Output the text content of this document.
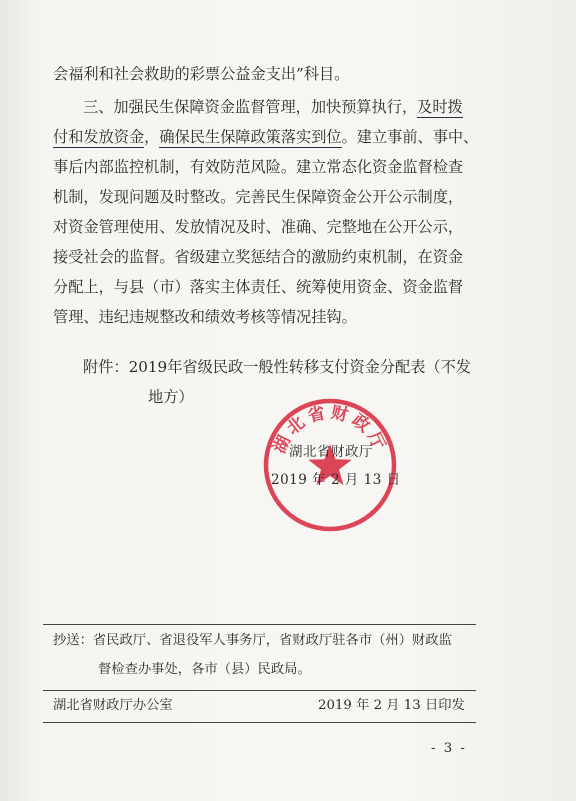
会福利和社会救助的彩票公益金支出”科目。

三、加强民生保障资金监督管理，加快预算执行，及时拨

付和发放资金，确保民生保障政策落实到位。建立事前、事中、

事后内部监控机制，有效防范风险。建立常态化资金监督检查

机制，发现问题及时整改。完善民生保障资金公开公示制度，

对资金管理使用、发放情况及时、准确、完整地在公开公示，

接受社会的监督。省级建立奖惩结合的激励约束机制，在资金

分配上，与县（市）落实主体责任、统筹使用资金、资金监督

管理、违纪违规整改和绩效考核等情况挂钩。

附件：2019年省级民政一般性转移支付资金分配表（不发

地方）

湖北省财政厅
湖北省财政厅
2019 年 2 月 13 日
抄送：省民政厅、省退役军人事务厅，省财政厅驻各市（州）财政监
督检查办事处，各市（县）民政局。
湖北省财政厅办公室	2019 年 2 月 13 日印发
- 3 -
